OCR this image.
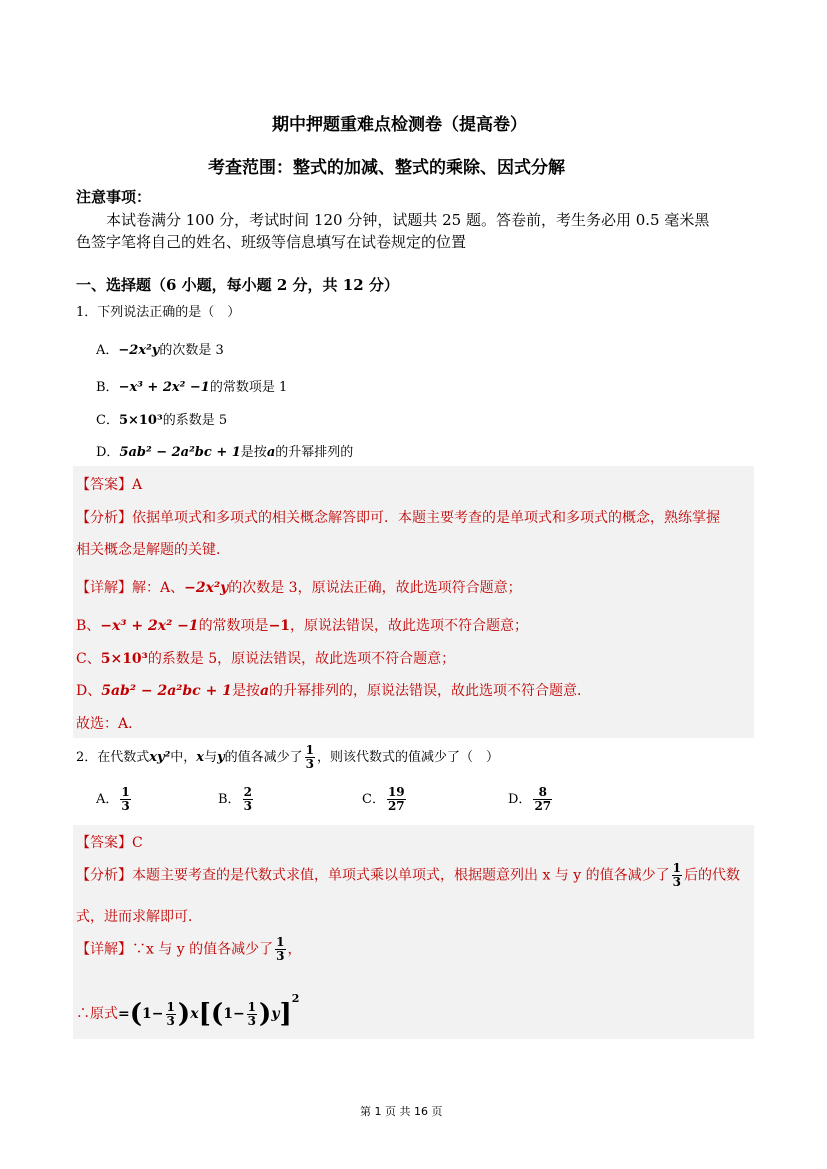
期中押题重难点检测卷（提高卷）
考查范围：整式的加减、整式的乘除、因式分解
注意事项：
本试卷满分 100 分，考试时间 120 分钟，试题共 25 题。答卷前，考生务必用 0.5 毫米黑
色签字笔将自己的姓名、班级等信息填写在试卷规定的位置
一、选择题（6 小题，每小题 2 分，共 12 分）
1．下列说法正确的是（　）
A．−2x²y的次数是 3
B．−x³ + 2x² −1的常数项是 1
C．5×10³的系数是 5
D．5ab² − 2a²bc + 1是按a的升幂排列的
【答案】A
【分析】依据单项式和多项式的相关概念解答即可．本题主要考查的是单项式和多项式的概念，熟练掌握
相关概念是解题的关键．
【详解】解：A、−2x²y的次数是 3，原说法正确，故此选项符合题意；
B、−x³ + 2x² −1的常数项是−1，原说法错误，故此选项不符合题意；
C、5×10³的系数是 5，原说法错误，故此选项不符合题意；
D、5ab² − 2a²bc + 1是按a的升幂排列的，原说法错误，故此选项不符合题意．
故选：A．
2．在代数式xy²中，x与y的值各减少了 $\frac{1}{3}$ ，则该代数式的值减少了（　）
A． $\frac{1}{3}$	B． $\frac{2}{3}$	C． $\frac{19}{27}$	D． $\frac{8}{27}$
【答案】C
【分析】本题主要考查的是代数式求值，单项式乘以单项式，根据题意列出 x 与 y 的值各减少了 $\frac{1}{3}$ 后的代数
式，进而求解即可．
【详解】∵x 与 y 的值各减少了 $\frac{1}{3}$ ，
∴原式$=(1- \frac{1}{3} )x[(1- \frac{1}{3} )y]^2$
第 1 页 共 16 页
